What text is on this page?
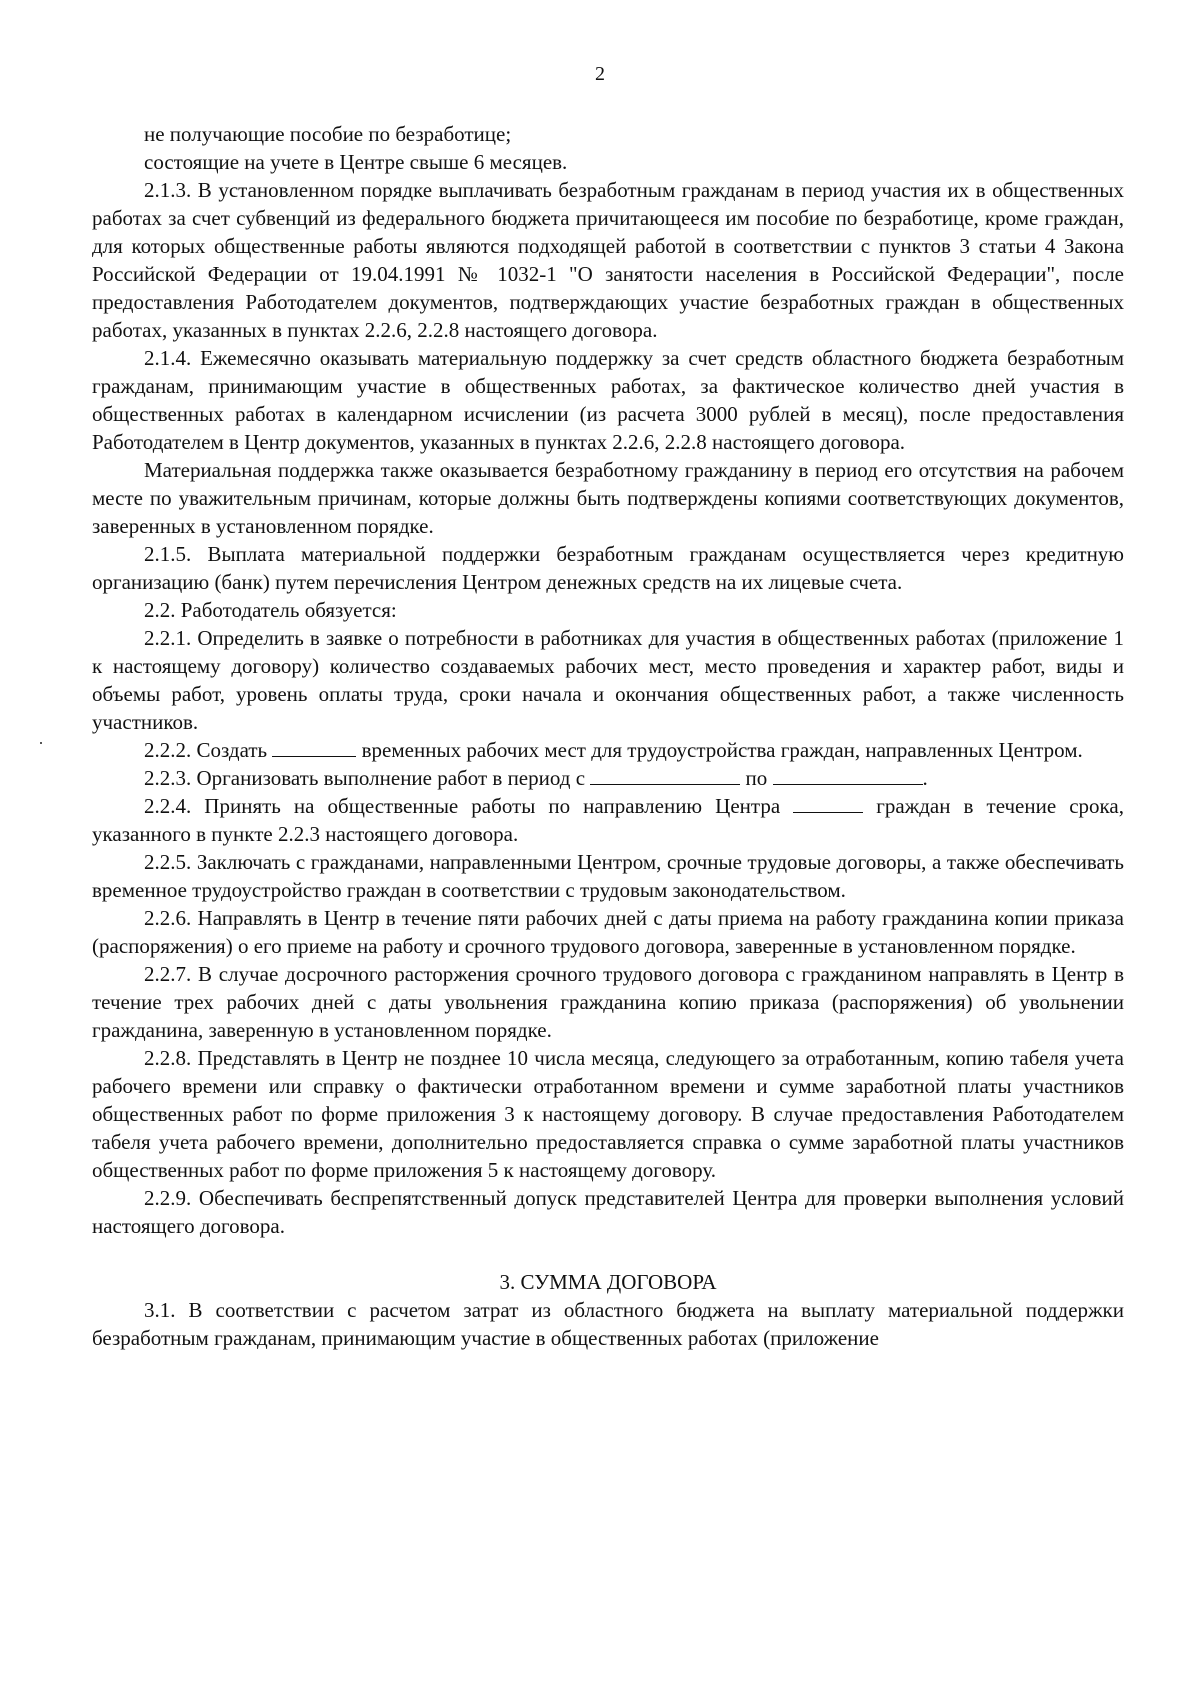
2

не получающие пособие по безработице;

состоящие на учете в Центре свыше 6 месяцев.

2.1.3. В установленном порядке выплачивать безработным гражданам в период участия их в общественных работах за счет субвенций из федерального бюджета причитающееся им пособие по безработице, кроме граждан, для которых общественные работы являются подходящей работой в соответствии с пунктов 3 статьи 4 Закона Российской Федерации от 19.04.1991 № 1032-1 "О занятости населения в Российской Федерации", после предоставления Работодателем документов, подтверждающих участие безработных граждан в общественных работах, указанных в пунктах 2.2.6, 2.2.8 настоящего договора.

2.1.4. Ежемесячно оказывать материальную поддержку за счет средств областного бюджета безработным гражданам, принимающим участие в общественных работах, за фактическое количество дней участия в общественных работах в календарном исчислении (из расчета 3000 рублей в месяц), после предоставления Работодателем в Центр документов, указанных в пунктах 2.2.6, 2.2.8 настоящего договора.

Материальная поддержка также оказывается безработному гражданину в период его отсутствия на рабочем месте по уважительным причинам, которые должны быть подтверждены копиями соответствующих документов, заверенных в установленном порядке.

2.1.5. Выплата материальной поддержки безработным гражданам осуществляется через кредитную организацию (банк) путем перечисления Центром денежных средств на их лицевые счета.

2.2. Работодатель обязуется:

2.2.1. Определить в заявке о потребности в работниках для участия в общественных работах (приложение 1 к настоящему договору) количество создаваемых рабочих мест, место проведения и характер работ, виды и объемы работ, уровень оплаты труда, сроки начала и окончания общественных работ, а также численность участников.

2.2.2. Создать	временных рабочих мест для трудоустройства граждан, направленных Центром.

2.2.3. Организовать выполнение работ в период с	по	.

2.2.4. Принять на общественные работы по направлению Центра	граждан в течение срока, указанного в пункте 2.2.3 настоящего договора.

2.2.5. Заключать с гражданами, направленными Центром, срочные трудовые договоры, а также обеспечивать временное трудоустройство граждан в соответствии с трудовым законодательством.

2.2.6. Направлять в Центр в течение пяти рабочих дней с даты приема на работу гражданина копии приказа (распоряжения) о его приеме на работу и срочного трудового договора, заверенные в установленном порядке.

2.2.7. В случае досрочного расторжения срочного трудового договора с гражданином направлять в Центр в течение трех рабочих дней с даты увольнения гражданина копию приказа (распоряжения) об увольнении гражданина, заверенную в установленном порядке.

2.2.8. Представлять в Центр не позднее 10 числа месяца, следующего за отработанным, копию табеля учета рабочего времени или справку о фактически отработанном времени и сумме заработной платы участников общественных работ по форме приложения 3 к настоящему договору. В случае предоставления Работодателем табеля учета рабочего времени, дополнительно предоставляется справка о сумме заработной платы участников общественных работ по форме приложения 5 к настоящему договору.

2.2.9. Обеспечивать беспрепятственный допуск представителей Центра для проверки выполнения условий настоящего договора.

3. СУММА ДОГОВОРА

3.1. В соответствии с расчетом затрат из областного бюджета на выплату материальной поддержки безработным гражданам, принимающим участие в общественных работах (приложение
